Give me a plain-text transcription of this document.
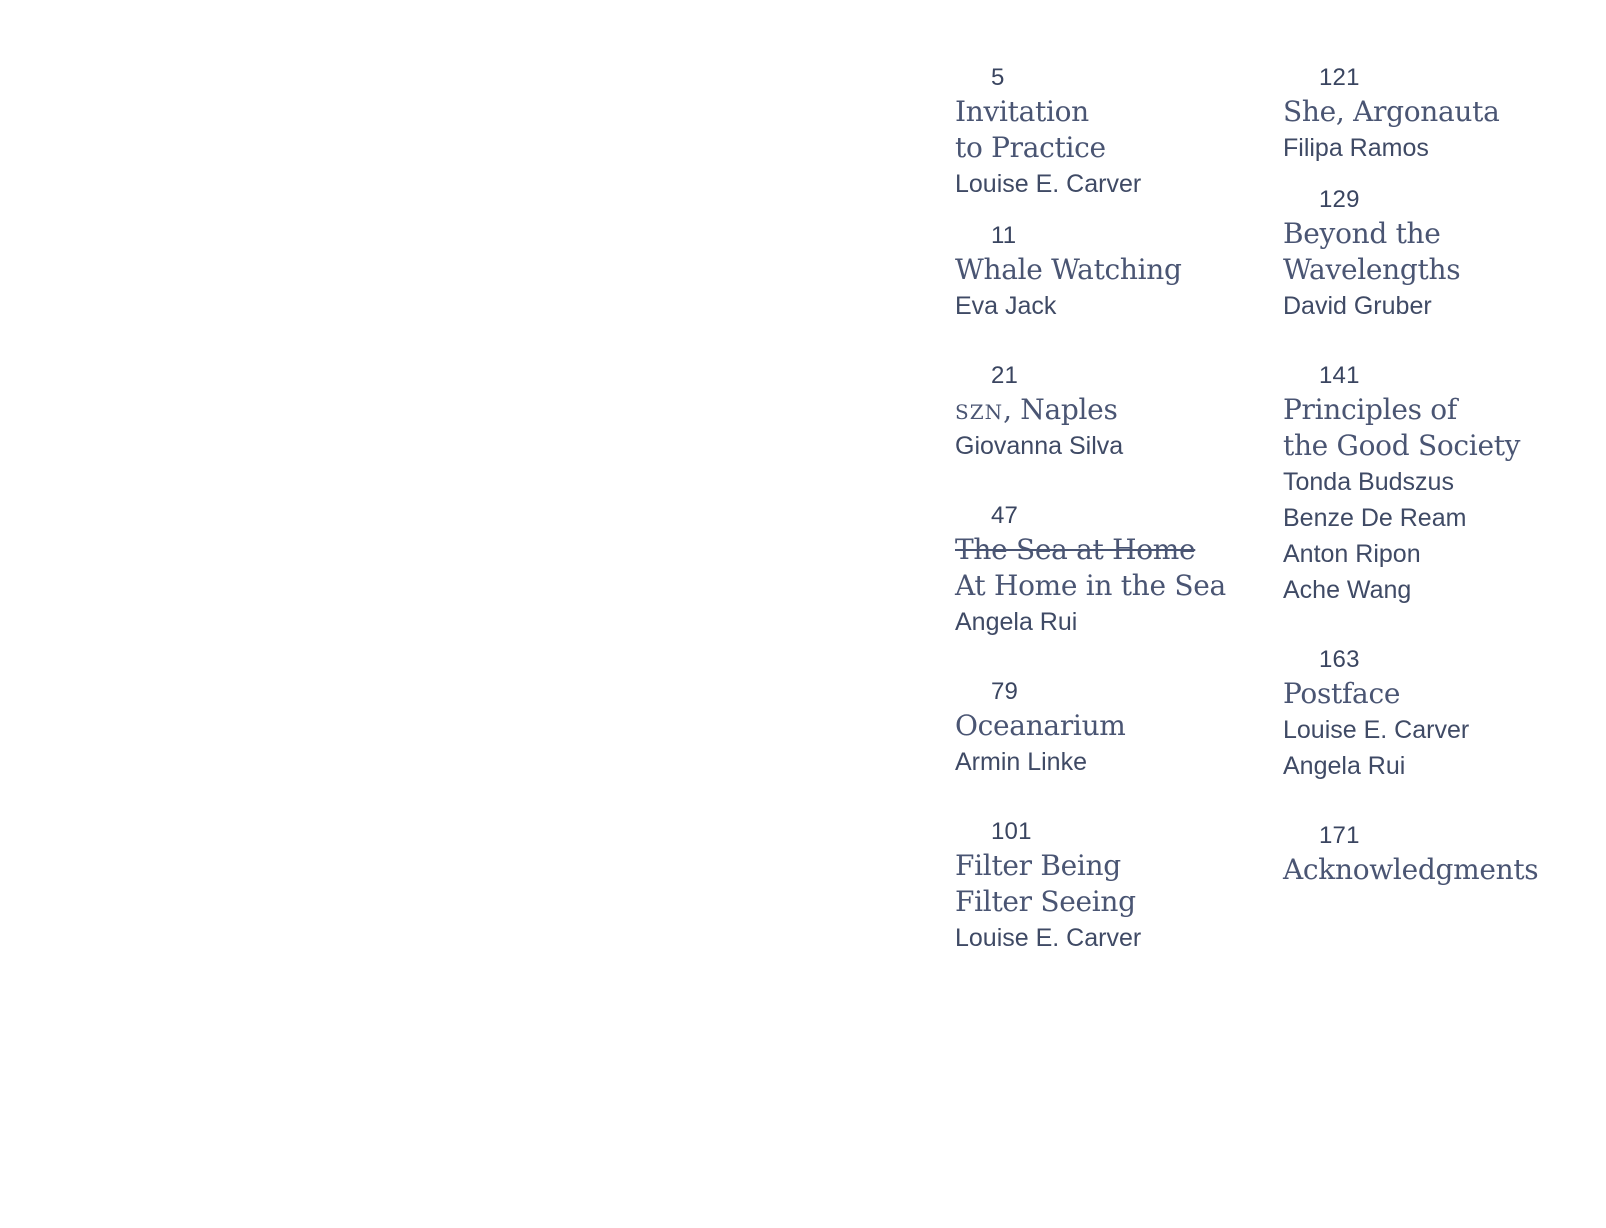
5
Invitation
to Practice
Louise E. Carver
11
Whale Watching
Eva Jack
21
szn, Naples
Giovanna Silva
47
The Sea at Home
At Home in the Sea
Angela Rui
79
Oceanarium
Armin Linke
101
Filter Being
Filter Seeing
Louise E. Carver
121
She, Argonauta
Filipa Ramos
129
Beyond the
Wavelengths
David Gruber
141
Principles of
the Good Society
Tonda Budszus
Benze De Ream
Anton Ripon
Ache Wang
163
Postface
Louise E. Carver
Angela Rui
171
Acknowledgments
